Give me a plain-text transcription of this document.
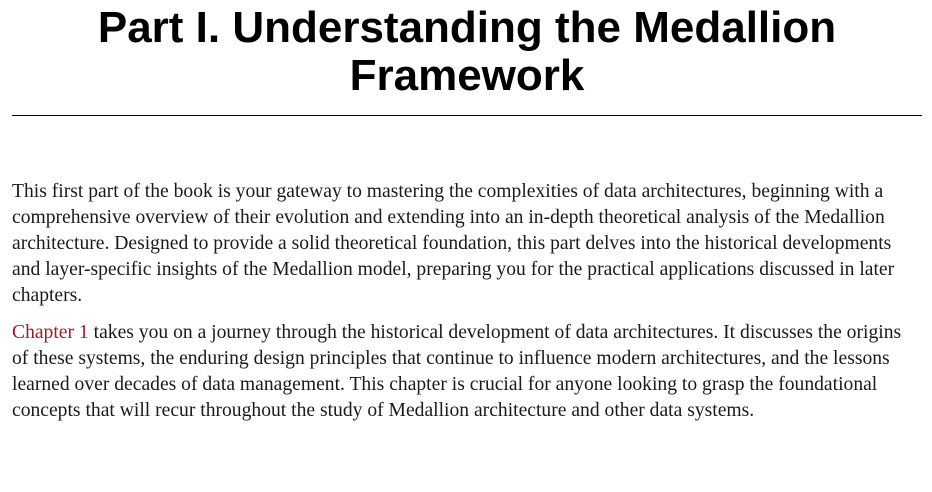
Part I. Understanding the Medallion Framework

This first part of the book is your gateway to mastering the complexities of data architectures, beginning with a comprehensive overview of their evolution and extending into an in-depth theoretical analysis of the Medallion architecture. Designed to provide a solid theoretical foundation, this part delves into the historical developments and layer-specific insights of the Medallion model, preparing you for the practical applications discussed in later chapters.

Chapter 1 takes you on a journey through the historical development of data architectures. It discusses the origins of these systems, the enduring design principles that continue to influence modern architectures, and the lessons learned over decades of data management. This chapter is crucial for anyone looking to grasp the foundational concepts that will recur throughout the study of Medallion architecture and other data systems.
